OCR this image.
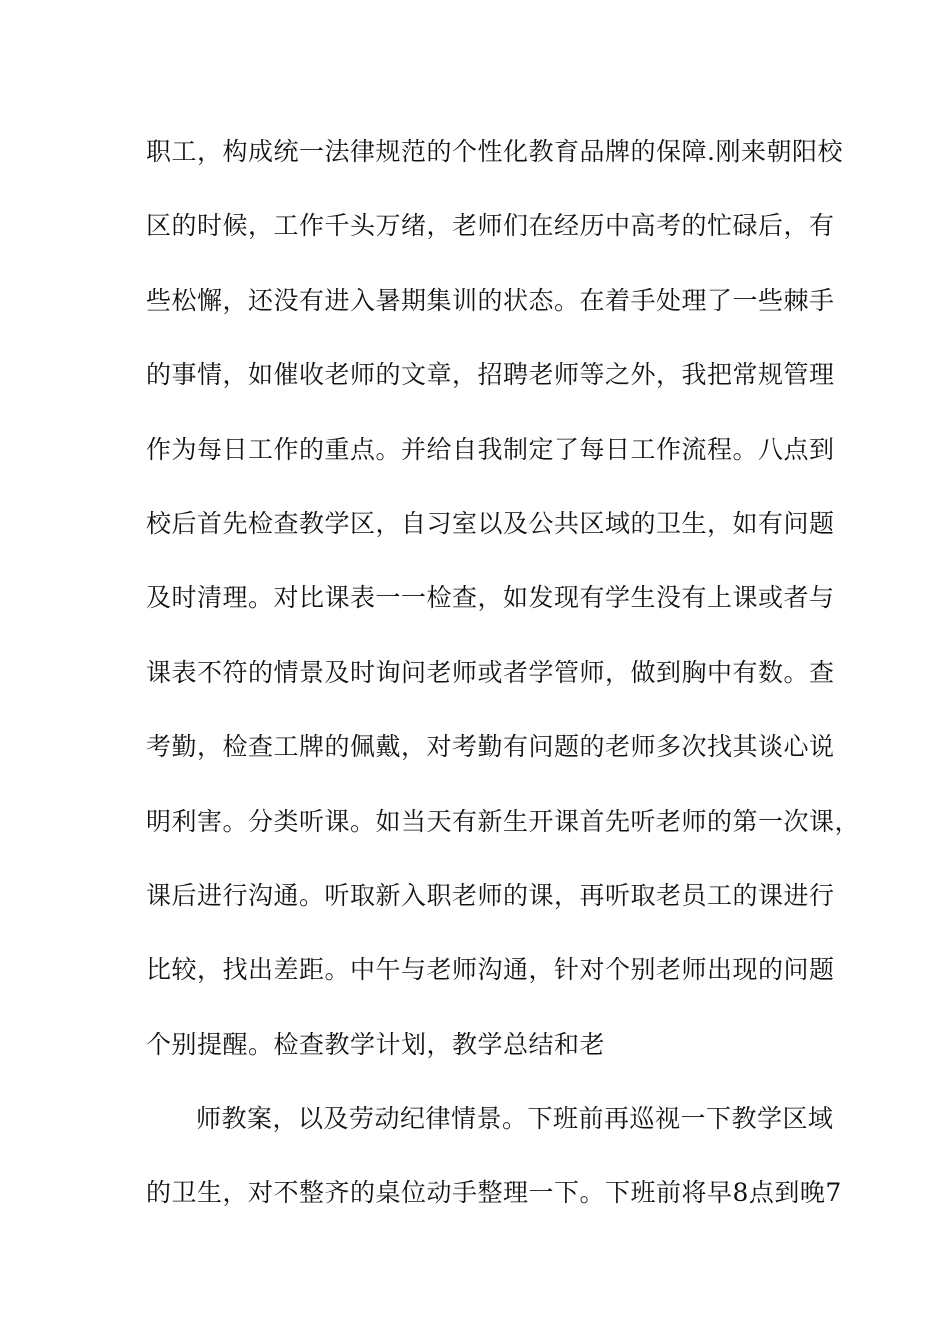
职工，构成统一法律规范的个性化教育品牌的保障.刚来朝阳校
区的时候，工作千头万绪，老师们在经历中高考的忙碌后，有
些松懈，还没有进入暑期集训的状态。在着手处理了一些棘手
的事情，如催收老师的文章，招聘老师等之外，我把常规管理
作为每日工作的重点。并给自我制定了每日工作流程。八点到
校后首先检查教学区，自习室以及公共区域的卫生，如有问题
及时清理。对比课表一一检查，如发现有学生没有上课或者与
课表不符的情景及时询问老师或者学管师，做到胸中有数。查
考勤，检查工牌的佩戴，对考勤有问题的老师多次找其谈心说
明利害。分类听课。如当天有新生开课首先听老师的第一次课，
课后进行沟通。听取新入职老师的课，再听取老员工的课进行
比较，找出差距。中午与老师沟通，针对个别老师出现的问题
个别提醒。检查教学计划，教学总结和老
师教案，以及劳动纪律情景。下班前再巡视一下教学区域
的卫生，对不整齐的桌位动手整理一下。下班前将早8点到晚7
